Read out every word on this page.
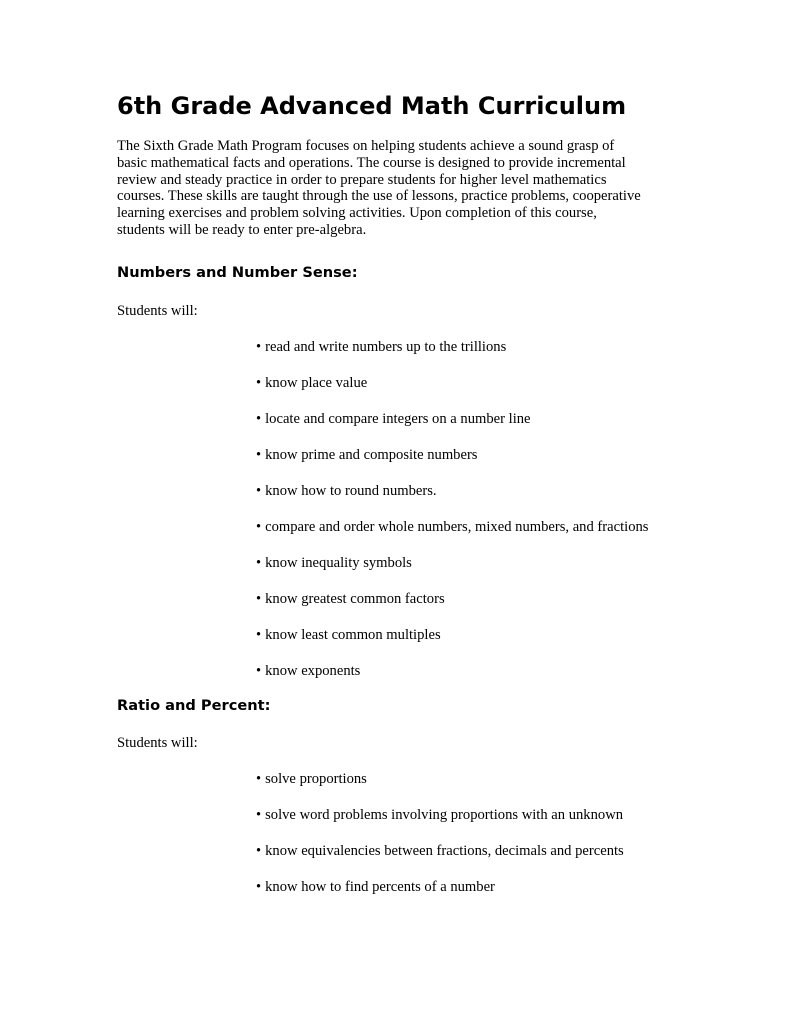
6th Grade Advanced Math Curriculum

The Sixth Grade Math Program focuses on helping students achieve a sound grasp of
basic mathematical facts and operations. The course is designed to provide incremental
review and steady practice in order to prepare students for higher level mathematics
courses. These skills are taught through the use of lessons, practice problems, cooperative
learning exercises and problem solving activities. Upon completion of this course,
students will be ready to enter pre-algebra.

Numbers and Number Sense:

Students will:

• read and write numbers up to the trillions
• know place value
• locate and compare integers on a number line
• know prime and composite numbers
• know how to round numbers.
• compare and order whole numbers, mixed numbers, and fractions
• know inequality symbols
• know greatest common factors
• know least common multiples
• know exponents
Ratio and Percent:

Students will:

• solve proportions
• solve word problems involving proportions with an unknown
• know equivalencies between fractions, decimals and percents
• know how to find percents of a number
